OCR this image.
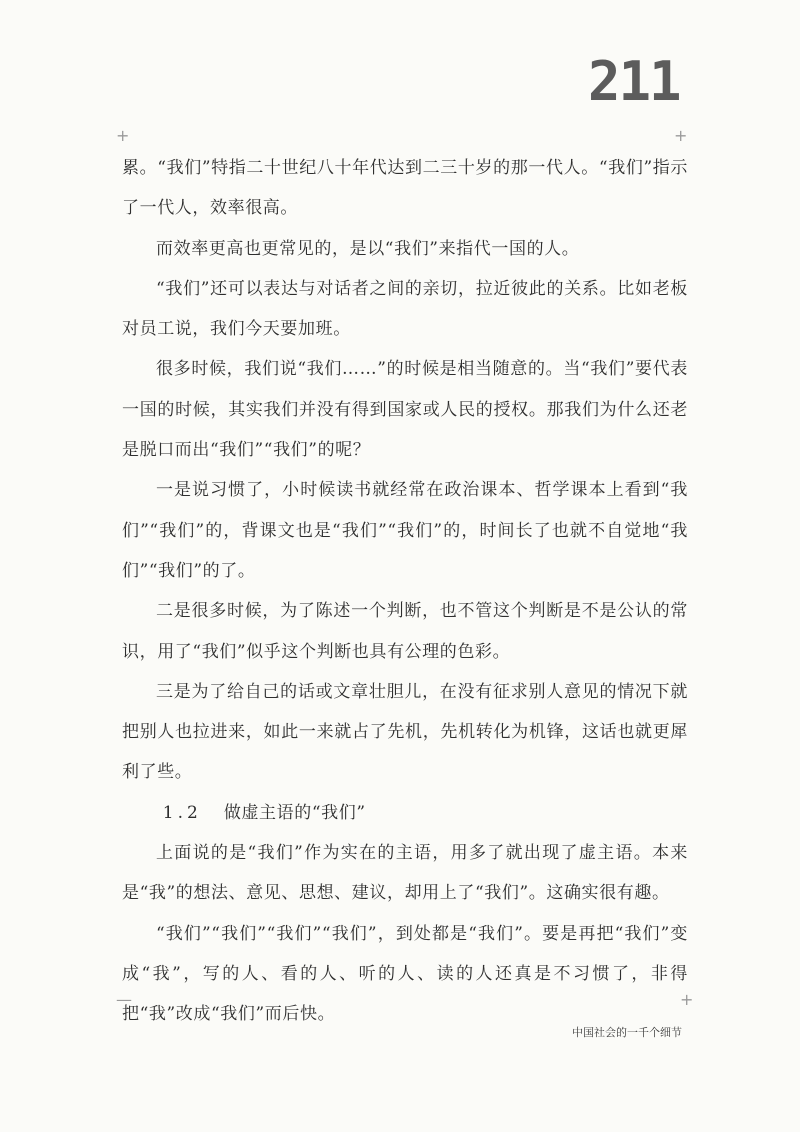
211
+	+
—	+

累。“我们”特指二十世纪八十年代达到二三十岁的那一代人。“我们”指示了一代人，效率很高。

而效率更高也更常见的，是以“我们”来指代一国的人。

“我们”还可以表达与对话者之间的亲切，拉近彼此的关系。比如老板对员工说，我们今天要加班。

很多时候，我们说“我们……”的时候是相当随意的。当“我们”要代表一国的时候，其实我们并没有得到国家或人民的授权。那我们为什么还老是脱口而出“我们”“我们”的呢？

一是说习惯了，小时候读书就经常在政治课本、哲学课本上看到“我们”“我们”的，背课文也是“我们”“我们”的，时间长了也就不自觉地“我们”“我们”的了。

二是很多时候，为了陈述一个判断，也不管这个判断是不是公认的常识，用了“我们”似乎这个判断也具有公理的色彩。

三是为了给自己的话或文章壮胆儿，在没有征求别人意见的情况下就把别人也拉进来，如此一来就占了先机，先机转化为机锋，这话也就更犀利了些。

1.2 做虚主语的“我们”

上面说的是“我们”作为实在的主语，用多了就出现了虚主语。本来是“我”的想法、意见、思想、建议，却用上了“我们”。这确实很有趣。

“我们”“我们”“我们”“我们”，到处都是“我们”。要是再把“我们”变成“我”，写的人、看的人、听的人、读的人还真是不习惯了，非得把“我”改成“我们”而后快。

中国社会的一千个细节
